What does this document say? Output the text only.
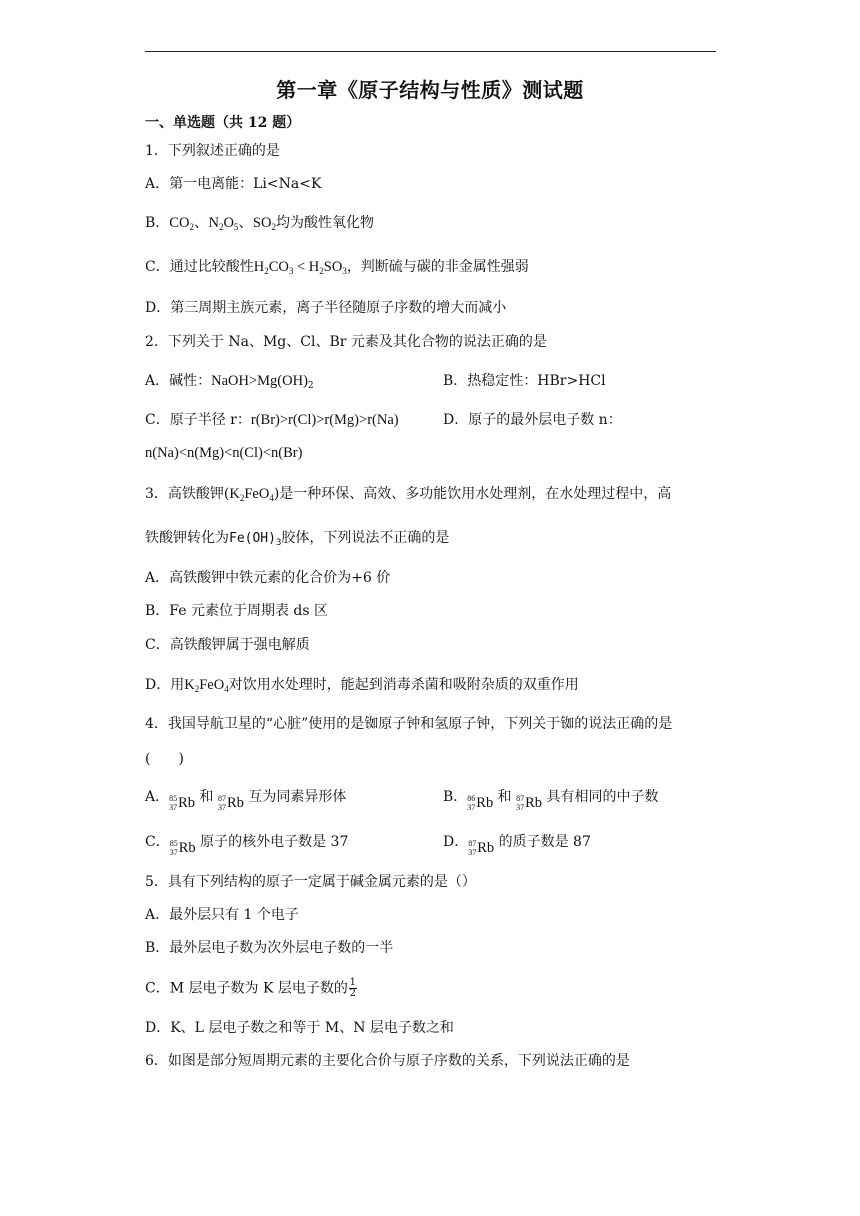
第一章《原子结构与性质》测试题
一、单选题（共 12 题）
1．下列叙述正确的是
A．第一电离能：Li<Na<K
B．$CO_2$、$N_2O_5$、$SO_2$均为酸性氧化物
C．通过比较酸性$H_2CO_3 < H_2SO_3$，判断硫与碳的非金属性强弱
D．第三周期主族元素，离子半径随原子序数的增大而减小
2．下列关于 Na、Mg、Cl、Br 元素及其化合物的说法正确的是
A．碱性：$NaOH>Mg(OH)_2$	B．热稳定性：HBr>HCl
C．原子半径 r：r(Br)>r(Cl)>r(Mg)>r(Na)	D．原子的最外层电子数 n：
n(Na)<n(Mg)<n(Cl)<n(Br)
3．高铁酸钾$(K_2FeO_4)$是一种环保、高效、多功能饮用水处理剂，在水处理过程中，高
铁酸钾转化为$Fe(OH)_3$胶体，下列说法不正确的是
A．高铁酸钾中铁元素的化合价为+6 价
B．Fe 元素位于周期表 ds 区
C．高铁酸钾属于强电解质
D．用$K_2FeO_4$对饮用水处理时，能起到消毒杀菌和吸附杂质的双重作用
4．我国导航卫星的“心脏”使用的是铷原子钟和氢原子钟，下列关于铷的说法正确的是
(　　)
A． 85
37 Rb 和 87
37 Rb 互为同素异形体	B． 86
37 Rb 和 87
37 Rb 具有相同的中子数
C． 85
37 Rb 原子的核外电子数是 37	D． 87
37 Rb 的质子数是 87
5．具有下列结构的原子一定属于碱金属元素的是（）
A．最外层只有 1 个电子
B．最外层电子数为次外层电子数的一半
C．M 层电子数为 K 层电子数的 $\frac{1}{2}$
D．K、L 层电子数之和等于 M、N 层电子数之和
6．如图是部分短周期元素的主要化合价与原子序数的关系，下列说法正确的是
